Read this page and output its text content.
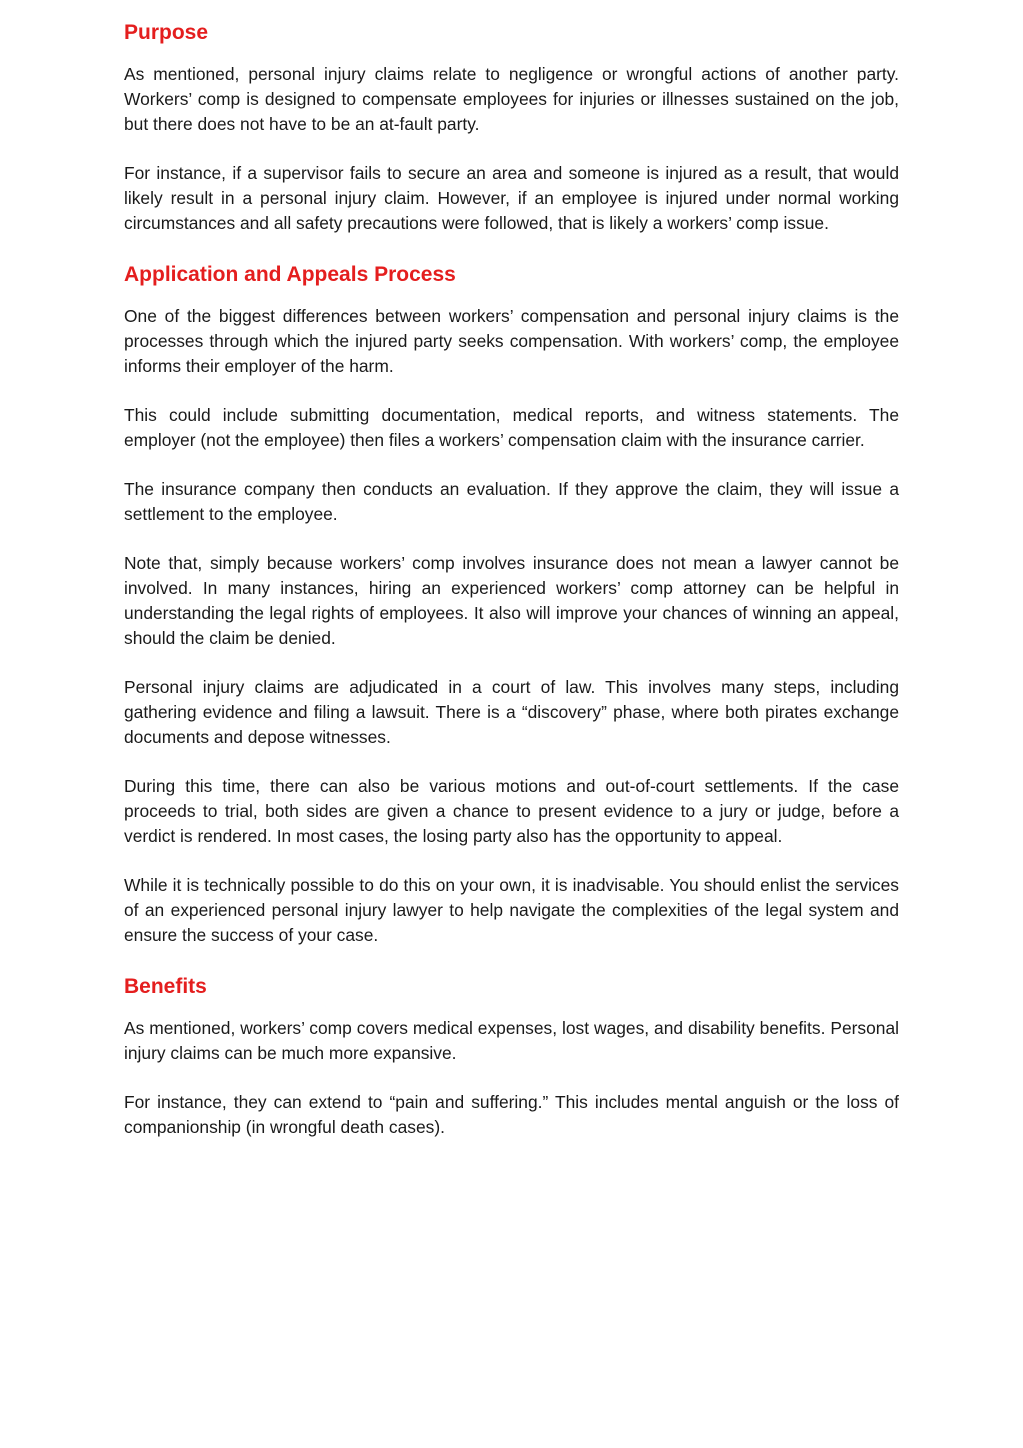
Purpose

As mentioned, personal injury claims relate to negligence or wrongful actions of another party. Workers’ comp is designed to compensate employees for injuries or illnesses sustained on the job, but there does not have to be an at-fault party.

For instance, if a supervisor fails to secure an area and someone is injured as a result, that would likely result in a personal injury claim. However, if an employee is injured under normal working circumstances and all safety precautions were followed, that is likely a workers’ comp issue.

Application and Appeals Process

One of the biggest differences between workers’ compensation and personal injury claims is the processes through which the injured party seeks compensation. With workers’ comp, the employee informs their employer of the harm.

This could include submitting documentation, medical reports, and witness statements. The employer (not the employee) then files a workers’ compensation claim with the insurance carrier.

The insurance company then conducts an evaluation. If they approve the claim, they will issue a settlement to the employee.

Note that, simply because workers’ comp involves insurance does not mean a lawyer cannot be involved. In many instances, hiring an experienced workers’ comp attorney can be helpful in understanding the legal rights of employees. It also will improve your chances of winning an appeal, should the claim be denied.

Personal injury claims are adjudicated in a court of law. This involves many steps, including gathering evidence and filing a lawsuit. There is a “discovery” phase, where both pirates exchange documents and depose witnesses.

During this time, there can also be various motions and out-of-court settlements. If the case proceeds to trial, both sides are given a chance to present evidence to a jury or judge, before a verdict is rendered. In most cases, the losing party also has the opportunity to appeal.

While it is technically possible to do this on your own, it is inadvisable. You should enlist the services of an experienced personal injury lawyer to help navigate the complexities of the legal system and ensure the success of your case.

Benefits

As mentioned, workers’ comp covers medical expenses, lost wages, and disability benefits. Personal injury claims can be much more expansive.

For instance, they can extend to “pain and suffering.” This includes mental anguish or the loss of companionship (in wrongful death cases).
